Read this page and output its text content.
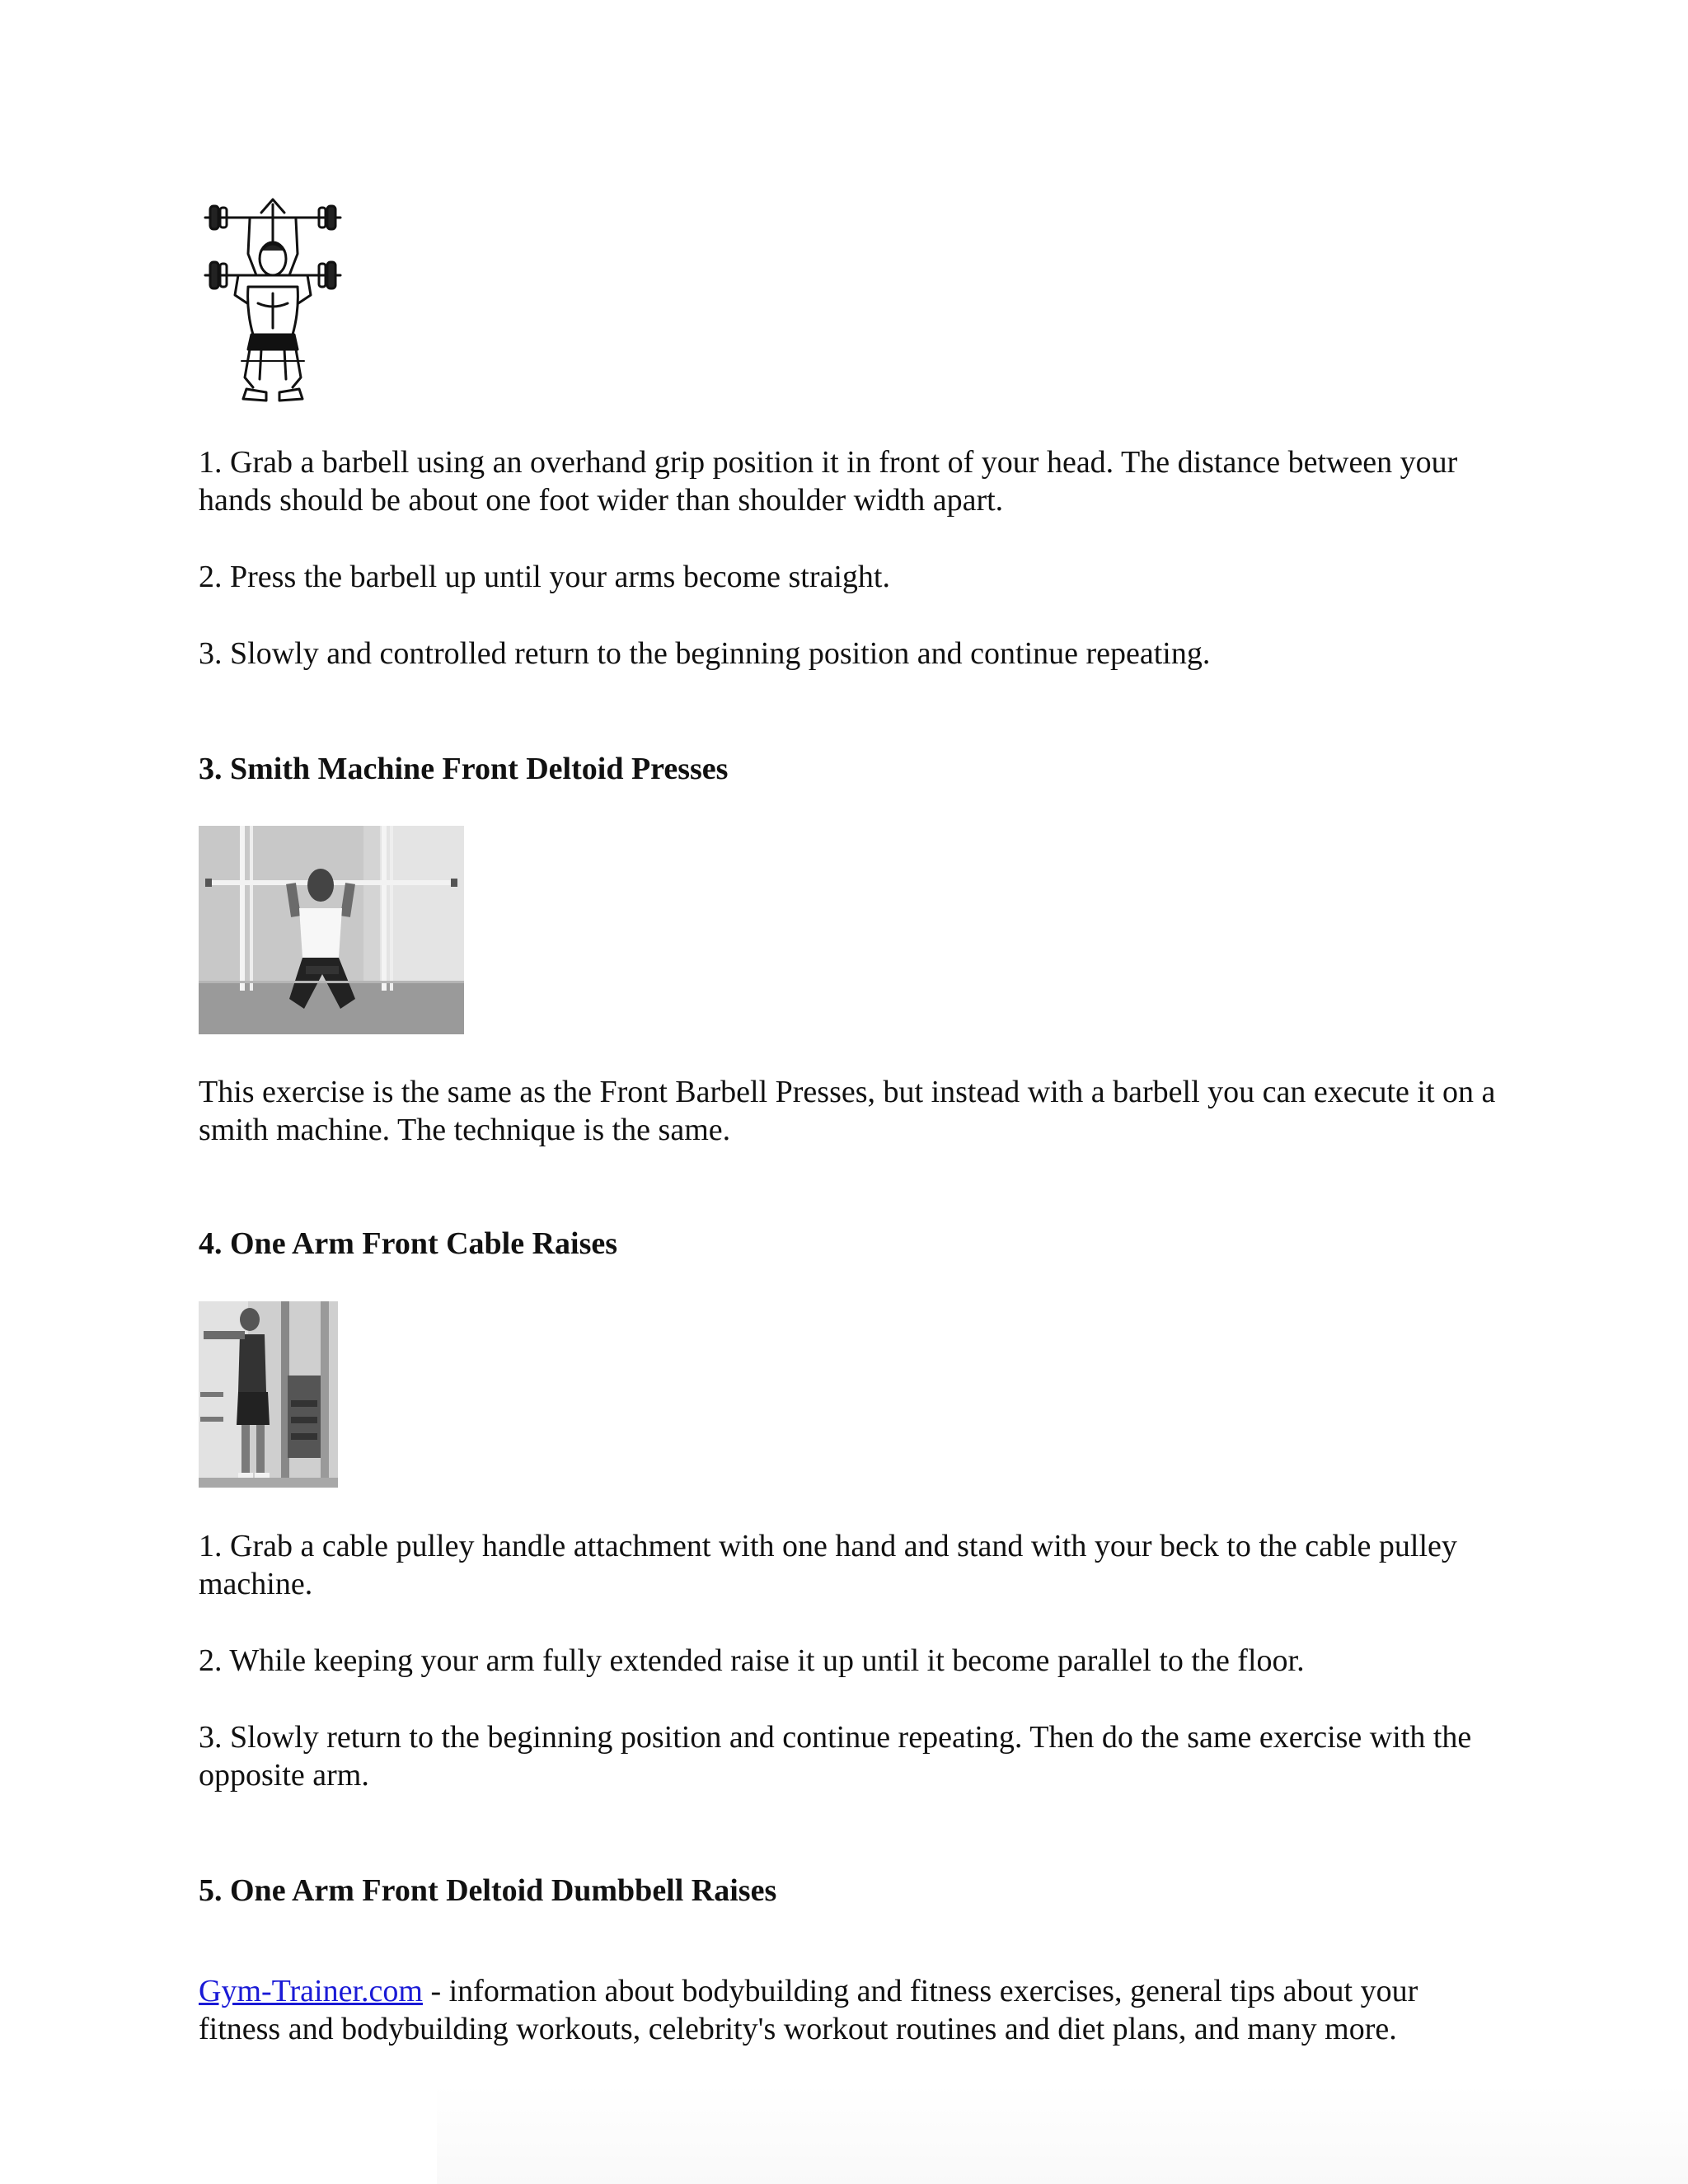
1. Grab a barbell using an overhand grip position it in front of your head. The distance between your hands should be about one foot wider than shoulder width apart.

2. Press the barbell up until your arms become straight.

3. Slowly and controlled return to the beginning position and continue repeating.

3. Smith Machine Front Deltoid Presses

This exercise is the same as the Front Barbell Presses, but instead with a barbell you can execute it on a smith machine. The technique is the same.

4. One Arm Front Cable Raises

1. Grab a cable pulley handle attachment with one hand and stand with your beck to the cable pulley machine.

2. While keeping your arm fully extended raise it up until it become parallel to the floor.

3. Slowly return to the beginning position and continue repeating. Then do the same exercise with the opposite arm.

5. One Arm Front Deltoid Dumbbell Raises

Gym-Trainer.com - information about bodybuilding and fitness exercises, general tips about your fitness and bodybuilding workouts, celebrity's workout routines and diet plans, and many more.
